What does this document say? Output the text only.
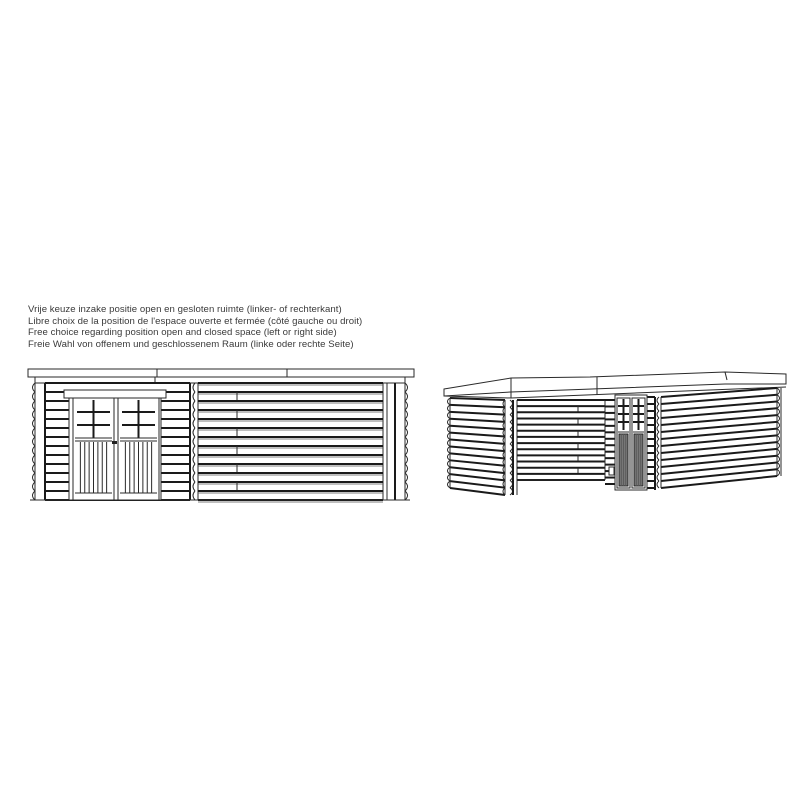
Vrije keuze inzake positie open en gesloten ruimte (linker- of rechterkant)
Libre choix de la position de l'espace ouverte et fermée (côté gauche ou droit)
Free choice regarding position open and closed space (left or right side)
Freie Wahl von offenem und geschlossenem Raum (linke oder rechte Seite)
